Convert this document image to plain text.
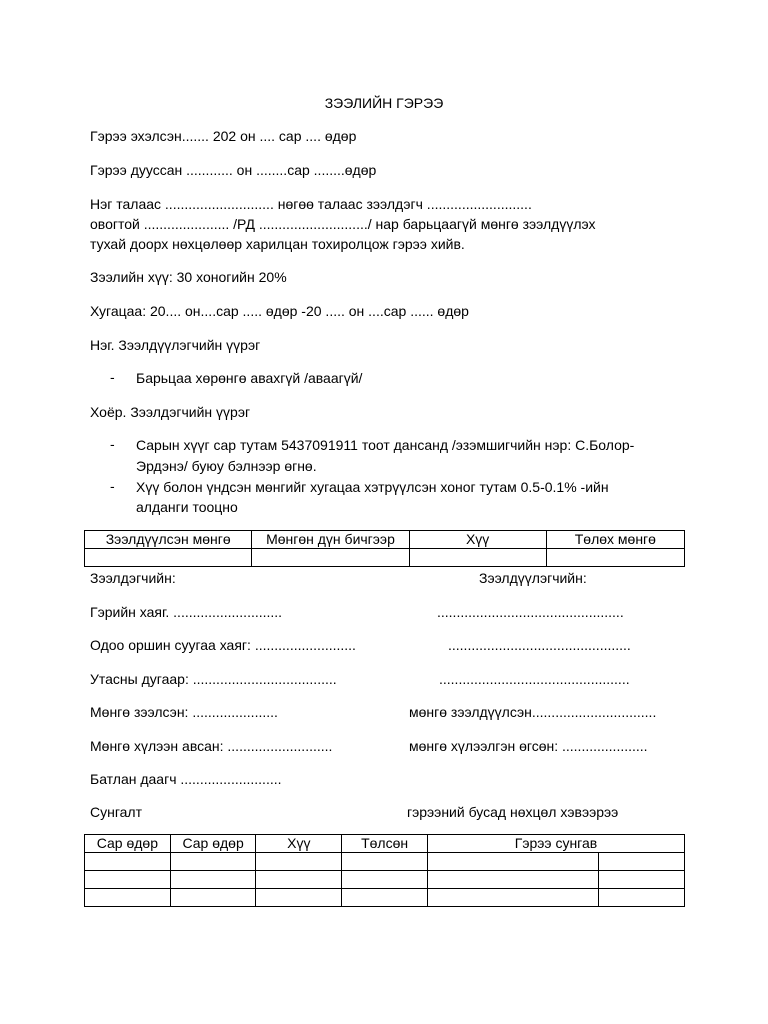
ЗЭЭЛИЙН ГЭРЭЭ
Гэрээ эхэлсэн....... 202 он .... сар .... өдөр
Гэрээ дууссан ............ он ........сар ........өдөр
Нэг талаас ............................ нөгөө талаас зээлдэгч ...........................
овогтой ...................... /РД ............................/ нар барьцаагүй мөнгө зээлдүүлэх
тухай доорх нөхцөлөөр харилцан тохиролцож гэрээ хийв.
Зээлийн хүү: 30 хоногийн 20%
Хугацаа: 20.... он....сар ..... өдөр -20 ..... он ....сар ...... өдөр
Нэг. Зээлдүүлэгчийн үүрэг
- Барьцаа хөрөнгө авахгүй /аваагүй/
Хоёр. Зээлдэгчийн үүрэг
- Сарын хүүг сар тутам 5437091911 тоот дансанд /эзэмшигчийн нэр: С.Болор-
Эрдэнэ/ буюу бэлнээр өгнө.
- Хүү болон үндсэн мөнгийг хугацаа хэтрүүлсэн хоног тутам 0.5-0.1% -ийн
алданги тооцно
Зээлдүүлсэн мөнгө	Мөнгөн дүн бичгээр	Хүү	Төлөх мөнгө

Зээлдэгчийн:	Зээлдүүлэгчийн:
Гэрийн хаяг. ............................	................................................
Одоо оршин суугаа хаяг: ..........................	...............................................
Утасны дугаар: .....................................	.................................................
Мөнгө зээлсэн: ......................	мөнгө зээлдүүлсэн................................
Мөнгө хүлээн авсан: ...........................	мөнгө хүлээлгэн өгсөн: ......................
Батлан даагч ..........................
Сунгалт	гэрээний бусад нөхцөл хэвээрээ
Сар өдөр	Сар өдөр	Хүү	Төлсөн	Гэрээ сунгав	
